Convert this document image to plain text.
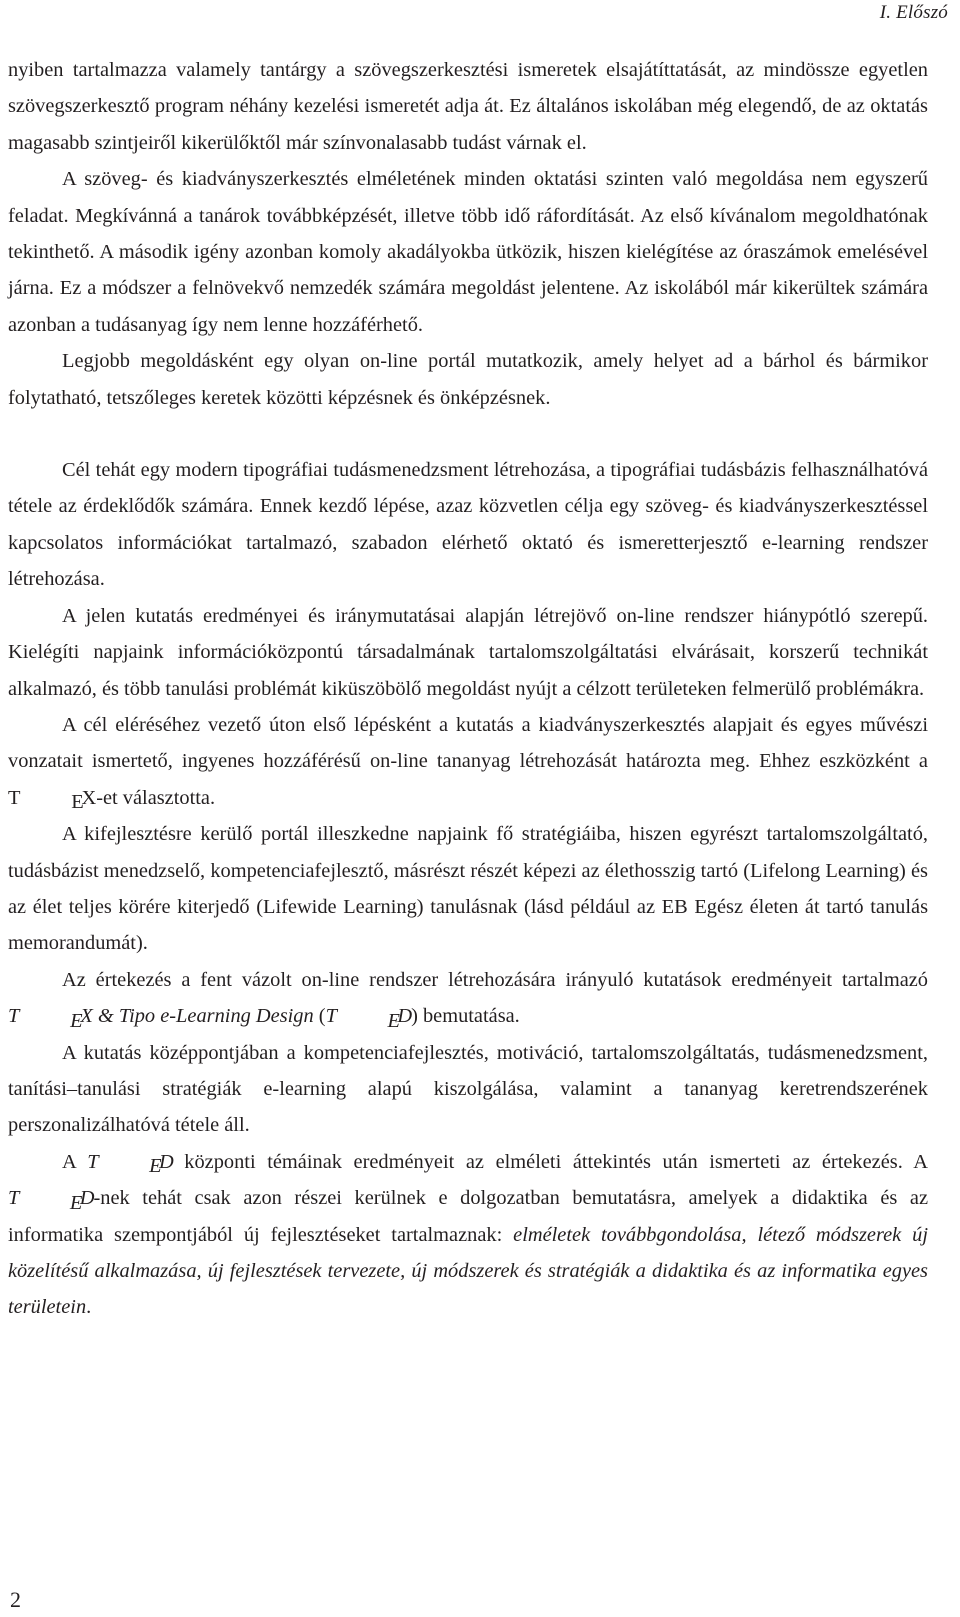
I. Előszó

nyiben tartalmazza valamely tantárgy a szövegszerkesztési ismeretek elsajátíttatását, az mindössze egyetlen szövegszerkesztő program néhány kezelési ismeretét adja át. Ez általános iskolában még elegendő, de az oktatás magasabb szintjeiről kikerülőktől már színvonalasabb tudást várnak el.

A szöveg- és kiadványszerkesztés elméletének minden oktatási szinten való megoldása nem egyszerű feladat. Megkívánná a tanárok továbbképzését, illetve több idő ráfordítását. Az első kívánalom megoldhatónak tekinthető. A második igény azonban komoly akadályokba ütközik, hiszen kielégítése az óraszámok emelésével járna. Ez a módszer a felnövekvő nemzedék számára megoldást jelentene. Az iskolából már kikerültek számára azonban a tudásanyag így nem lenne hozzáférhető.

Legjobb megoldásként egy olyan on-line portál mutatkozik, amely helyet ad a bárhol és bármikor folytatható, tetszőleges keretek közötti képzésnek és önképzésnek.

Cél tehát egy modern tipográfiai tudásmenedzsment létrehozása, a tipográfiai tudásbázis felhasználhatóvá tétele az érdeklődők számára. Ennek kezdő lépése, azaz közvetlen célja egy szöveg- és kiadványszerkesztéssel kapcsolatos információkat tartalmazó, szabadon elérhető oktató és ismeretterjesztő e-learning rendszer létrehozása.

A jelen kutatás eredményei és iránymutatásai alapján létrejövő on-line rendszer hiánypótló szerepű. Kielégíti napjaink információközpontú társadalmának tartalomszolgáltatási elvárásait, korszerű technikát alkalmazó, és több tanulási problémát kiküszöbölő megoldást nyújt a célzott területeken felmerülő problémákra.

A cél eléréséhez vezető úton első lépésként a kutatás a kiadványszerkesztés alapjait és egyes művészi vonzatait ismertető, ingyenes hozzáférésű on-line tananyag létrehozását határozta meg. Ehhez eszközként a T EX-et választotta.

A kifejlesztésre kerülő portál illeszkedne napjaink fő stratégiáiba, hiszen egyrészt tartalomszolgáltató, tudásbázist menedzselő, kompetenciafejlesztő, másrészt részét képezi az élethosszig tartó (Lifelong Learning) és az élet teljes körére kiterjedő (Lifewide Learning) tanulásnak (lásd például az EB Egész életen át tartó tanulás memorandumát).

Az értekezés a fent vázolt on-line rendszer létrehozására irányuló kutatások eredményeit tartalmazó T EX & Tipo e-Learning Design (T	ED) bemutatása.

A kutatás középpontjában a kompetenciafejlesztés, motiváció, tartalomszolgáltatás, tudásmenedzsment, tanítási–tanulási stratégiák e-learning alapú kiszolgálása, valamint a tananyag keretrendszerének perszonalizálhatóvá tétele áll.

A T	ED központi témáinak eredményeit az elméleti áttekintés után ismerteti az értekezés. A T	ED-nek tehát csak azon részei kerülnek e dolgozatban bemutatásra, amelyek a didaktika és az informatika szempontjából új fejlesztéseket tartalmaznak: elméletek továbbgondolása, létező módszerek új közelítésű alkalmazása, új fejlesztések tervezete, új módszerek és stratégiák a didaktika és az informatika egyes területein.

2
